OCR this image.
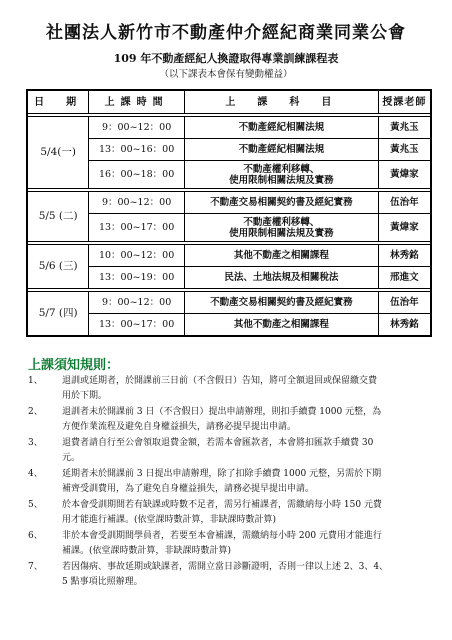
社團法人新竹市不動產仲介經紀商業同業公會
109 年不動產經紀人換證取得專業訓練課程表
（以下課表本會保有變動權益）
日　期	上課時間	上　課　科　目	授課老師

5/4(一)	9：00~12：00	不動產經紀相關法規	黃兆玉
	13：00~16：00	不動產經紀相關法規	黃兆玉
	16：00~18：00	不動產權利移轉、
使用限制相關法規及實務	黃煒家

5/5 (二)	9：00~12：00	不動產交易相關契約書及經紀實務	伍治年
	13：00~17：00	不動產權利移轉、
使用限制相關法規及實務	黃煒家

5/6 (三)	10：00~12：00	其他不動產之相關課程	林秀銘
	13：00~19：00	民法、土地法規及相關稅法	邢進文

5/7 (四)	9：00~12：00	不動產交易相關契約書及經紀實務	伍治年
	13：00~17：00	其他不動產之相關課程	林秀銘
上課須知規則：
1、 退訓或延期者，於開課前三日前（不含假日）告知，將可全額退回或保留繳交費
用於下期。
2、 退訓者未於開課前 3 日（不含假日）提出申請辦理，則扣手續費 1000 元整，為
方便作業流程及避免自身權益損失，請務必提早提出申請。
3、 退費者請自行至公會領取退費金額，若需本會匯款者，本會將扣匯款手續費 30
元。
4、 延期者未於開課前 3 日提出申請辦理，除了扣除手續費 1000 元整，另需於下期
補齊受訓費用，為了避免自身權益損失，請務必提早提出申請。
5、 於本會受訓期間若有缺課或時數不足者，需另行補課者，需繳納每小時 150 元費
用才能進行補課。(依堂課時數計算，非缺課時數計算)
6、 非於本會受訓期間學員者，若要至本會補課，需繳納每小時 200 元費用才能進行
補課。(依堂課時數計算，非缺課時數計算)
7、 若因傷病、事故延期或缺課者，需開立當日診斷證明，否則一律以上述 2、3、4、
5 點事項比照辦理。
